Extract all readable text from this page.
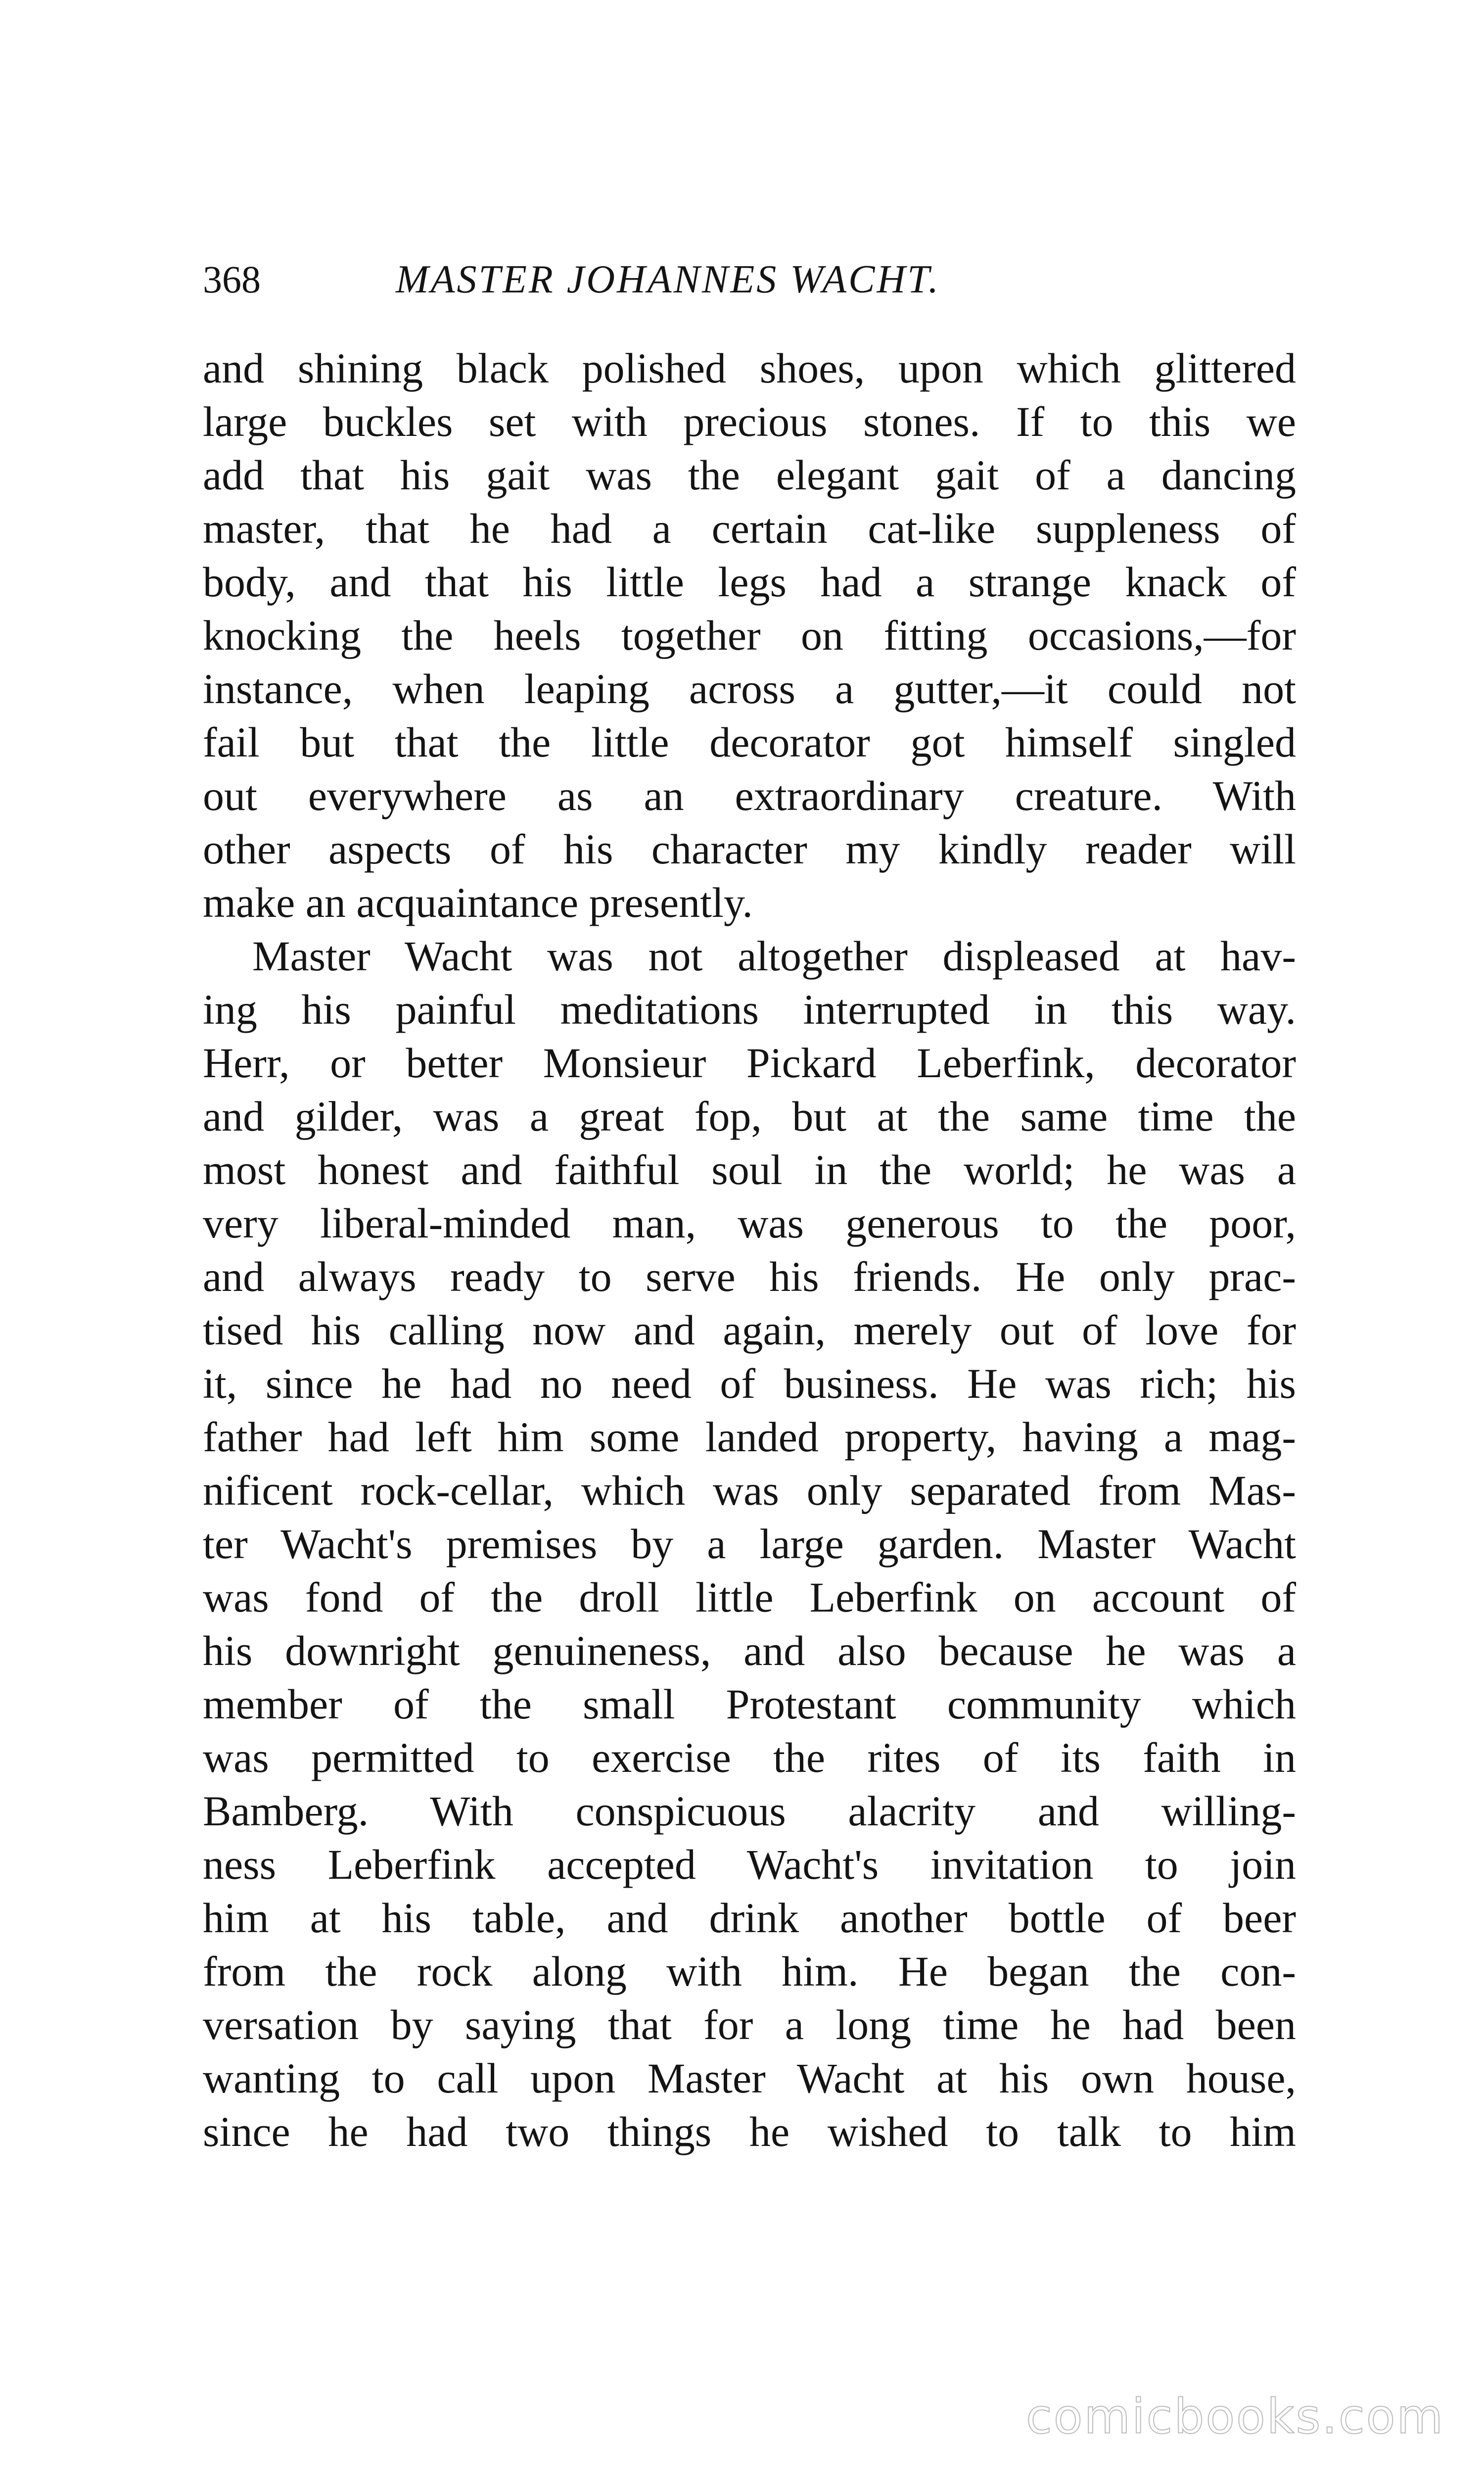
368	MASTER JOHANNES WACHT.
and shining black polished shoes, upon which glittered
large buckles set with precious stones. If to this we
add that his gait was the elegant gait of a dancing
master, that he had a certain cat-like suppleness of
body, and that his little legs had a strange knack of
knocking the heels together on fitting occasions,—for
instance, when leaping across a gutter,—it could not
fail but that the little decorator got himself singled
out everywhere as an extraordinary creature. With
other aspects of his character my kindly reader will
make an acquaintance presently.
Master Wacht was not altogether displeased at hav-
ing his painful meditations interrupted in this way.
Herr, or better Monsieur Pickard Leberfink, decorator
and gilder, was a great fop, but at the same time the
most honest and faithful soul in the world; he was a
very liberal-minded man, was generous to the poor,
and always ready to serve his friends. He only prac-
tised his calling now and again, merely out of love for
it, since he had no need of business. He was rich; his
father had left him some landed property, having a mag-
nificent rock-cellar, which was only separated from Mas-
ter Wacht's premises by a large garden. Master Wacht
was fond of the droll little Leberfink on account of
his downright genuineness, and also because he was a
member of the small Protestant community which
was permitted to exercise the rites of its faith in
Bamberg. With conspicuous alacrity and willing-
ness Leberfink accepted Wacht's invitation to join
him at his table, and drink another bottle of beer
from the rock along with him. He began the con-
versation by saying that for a long time he had been
wanting to call upon Master Wacht at his own house,
since he had two things he wished to talk to him
comicbooks.com
